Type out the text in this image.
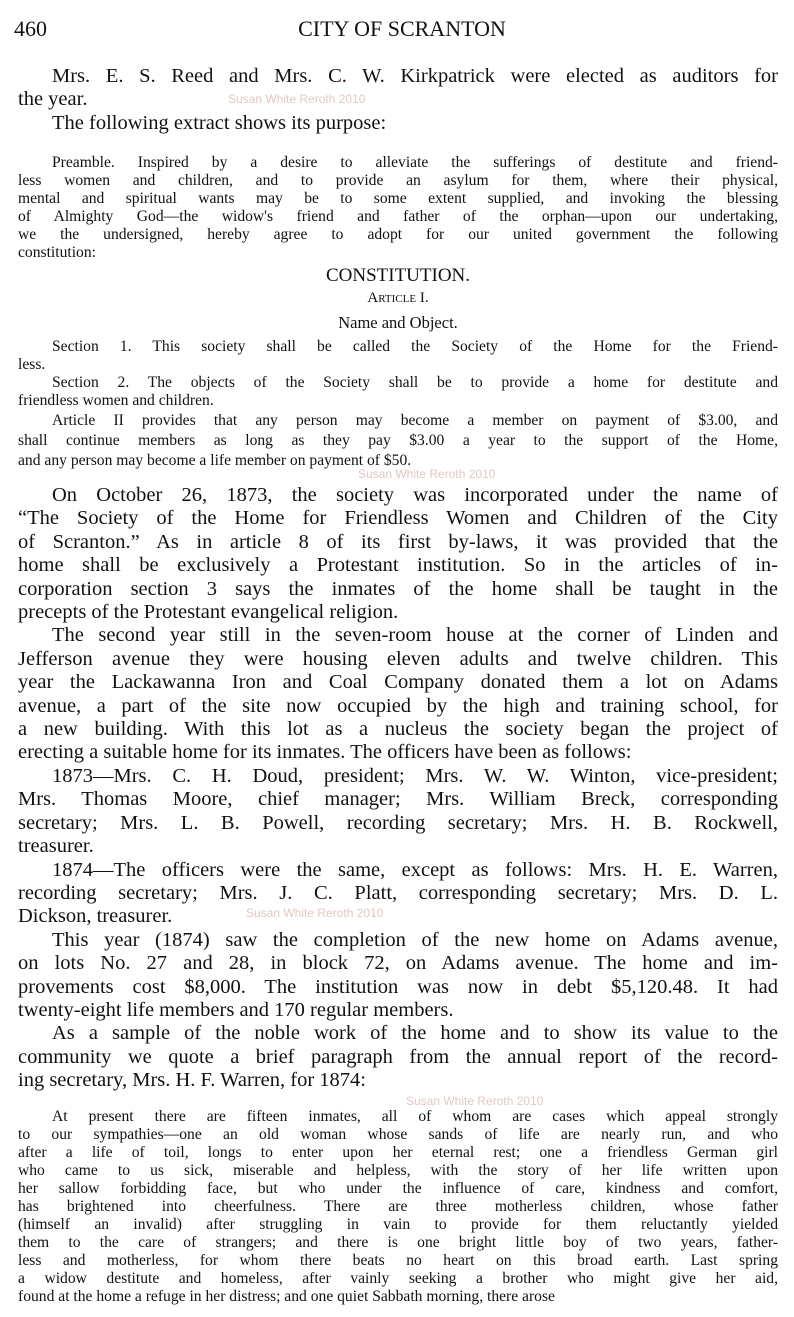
460	CITY OF SCRANTON
Susan White Reroth 2010
Susan White Reroth 2010
Susan White Reroth 2010
Susan White Reroth 2010
Mrs. E. S. Reed and Mrs. C. W. Kirkpatrick were elected as auditors for
the year.
The following extract shows its purpose:
Preamble. Inspired by a desire to alleviate the sufferings of destitute and friend-
less women and children, and to provide an asylum for them, where their physical,
mental and spiritual wants may be to some extent supplied, and invoking the blessing
of Almighty God—the widow's friend and father of the orphan—upon our undertaking,
we the undersigned, hereby agree to adopt for our united government the following
constitution:
CONSTITUTION.
Article I.
Name and Object.
Section 1. This society shall be called the Society of the Home for the Friend-
less.
Section 2. The objects of the Society shall be to provide a home for destitute and
friendless women and children.
Article II provides that any person may become a member on payment of $3.00, and
shall continue members as long as they pay $3.00 a year to the support of the Home,
and any person may become a life member on payment of $50.
On October 26, 1873, the society was incorporated under the name of
“The Society of the Home for Friendless Women and Children of the City
of Scranton.” As in article 8 of its first by-laws, it was provided that the
home shall be exclusively a Protestant institution. So in the articles of in-
corporation section 3 says the inmates of the home shall be taught in the
precepts of the Protestant evangelical religion.
The second year still in the seven-room house at the corner of Linden and
Jefferson avenue they were housing eleven adults and twelve children. This
year the Lackawanna Iron and Coal Company donated them a lot on Adams
avenue, a part of the site now occupied by the high and training school, for
a new building. With this lot as a nucleus the society began the project of
erecting a suitable home for its inmates. The officers have been as follows:
1873—Mrs. C. H. Doud, president; Mrs. W. W. Winton, vice-president;
Mrs. Thomas Moore, chief manager; Mrs. William Breck, corresponding
secretary; Mrs. L. B. Powell, recording secretary; Mrs. H. B. Rockwell,
treasurer.
1874—The officers were the same, except as follows: Mrs. H. E. Warren,
recording secretary; Mrs. J. C. Platt, corresponding secretary; Mrs. D. L.
Dickson, treasurer.
This year (1874) saw the completion of the new home on Adams avenue,
on lots No. 27 and 28, in block 72, on Adams avenue. The home and im-
provements cost $8,000. The institution was now in debt $5,120.48. It had
twenty-eight life members and 170 regular members.
As a sample of the noble work of the home and to show its value to the
community we quote a brief paragraph from the annual report of the record-
ing secretary, Mrs. H. F. Warren, for 1874:
At present there are fifteen inmates, all of whom are cases which appeal strongly
to our sympathies—one an old woman whose sands of life are nearly run, and who
after a life of toil, longs to enter upon her eternal rest; one a friendless German girl
who came to us sick, miserable and helpless, with the story of her life written upon
her sallow forbidding face, but who under the influence of care, kindness and comfort,
has brightened into cheerfulness. There are three motherless children, whose father
(himself an invalid) after struggling in vain to provide for them reluctantly yielded
them to the care of strangers; and there is one bright little boy of two years, father-
less and motherless, for whom there beats no heart on this broad earth. Last spring
a widow destitute and homeless, after vainly seeking a brother who might give her aid,
found at the home a refuge in her distress; and one quiet Sabbath morning, there arose
